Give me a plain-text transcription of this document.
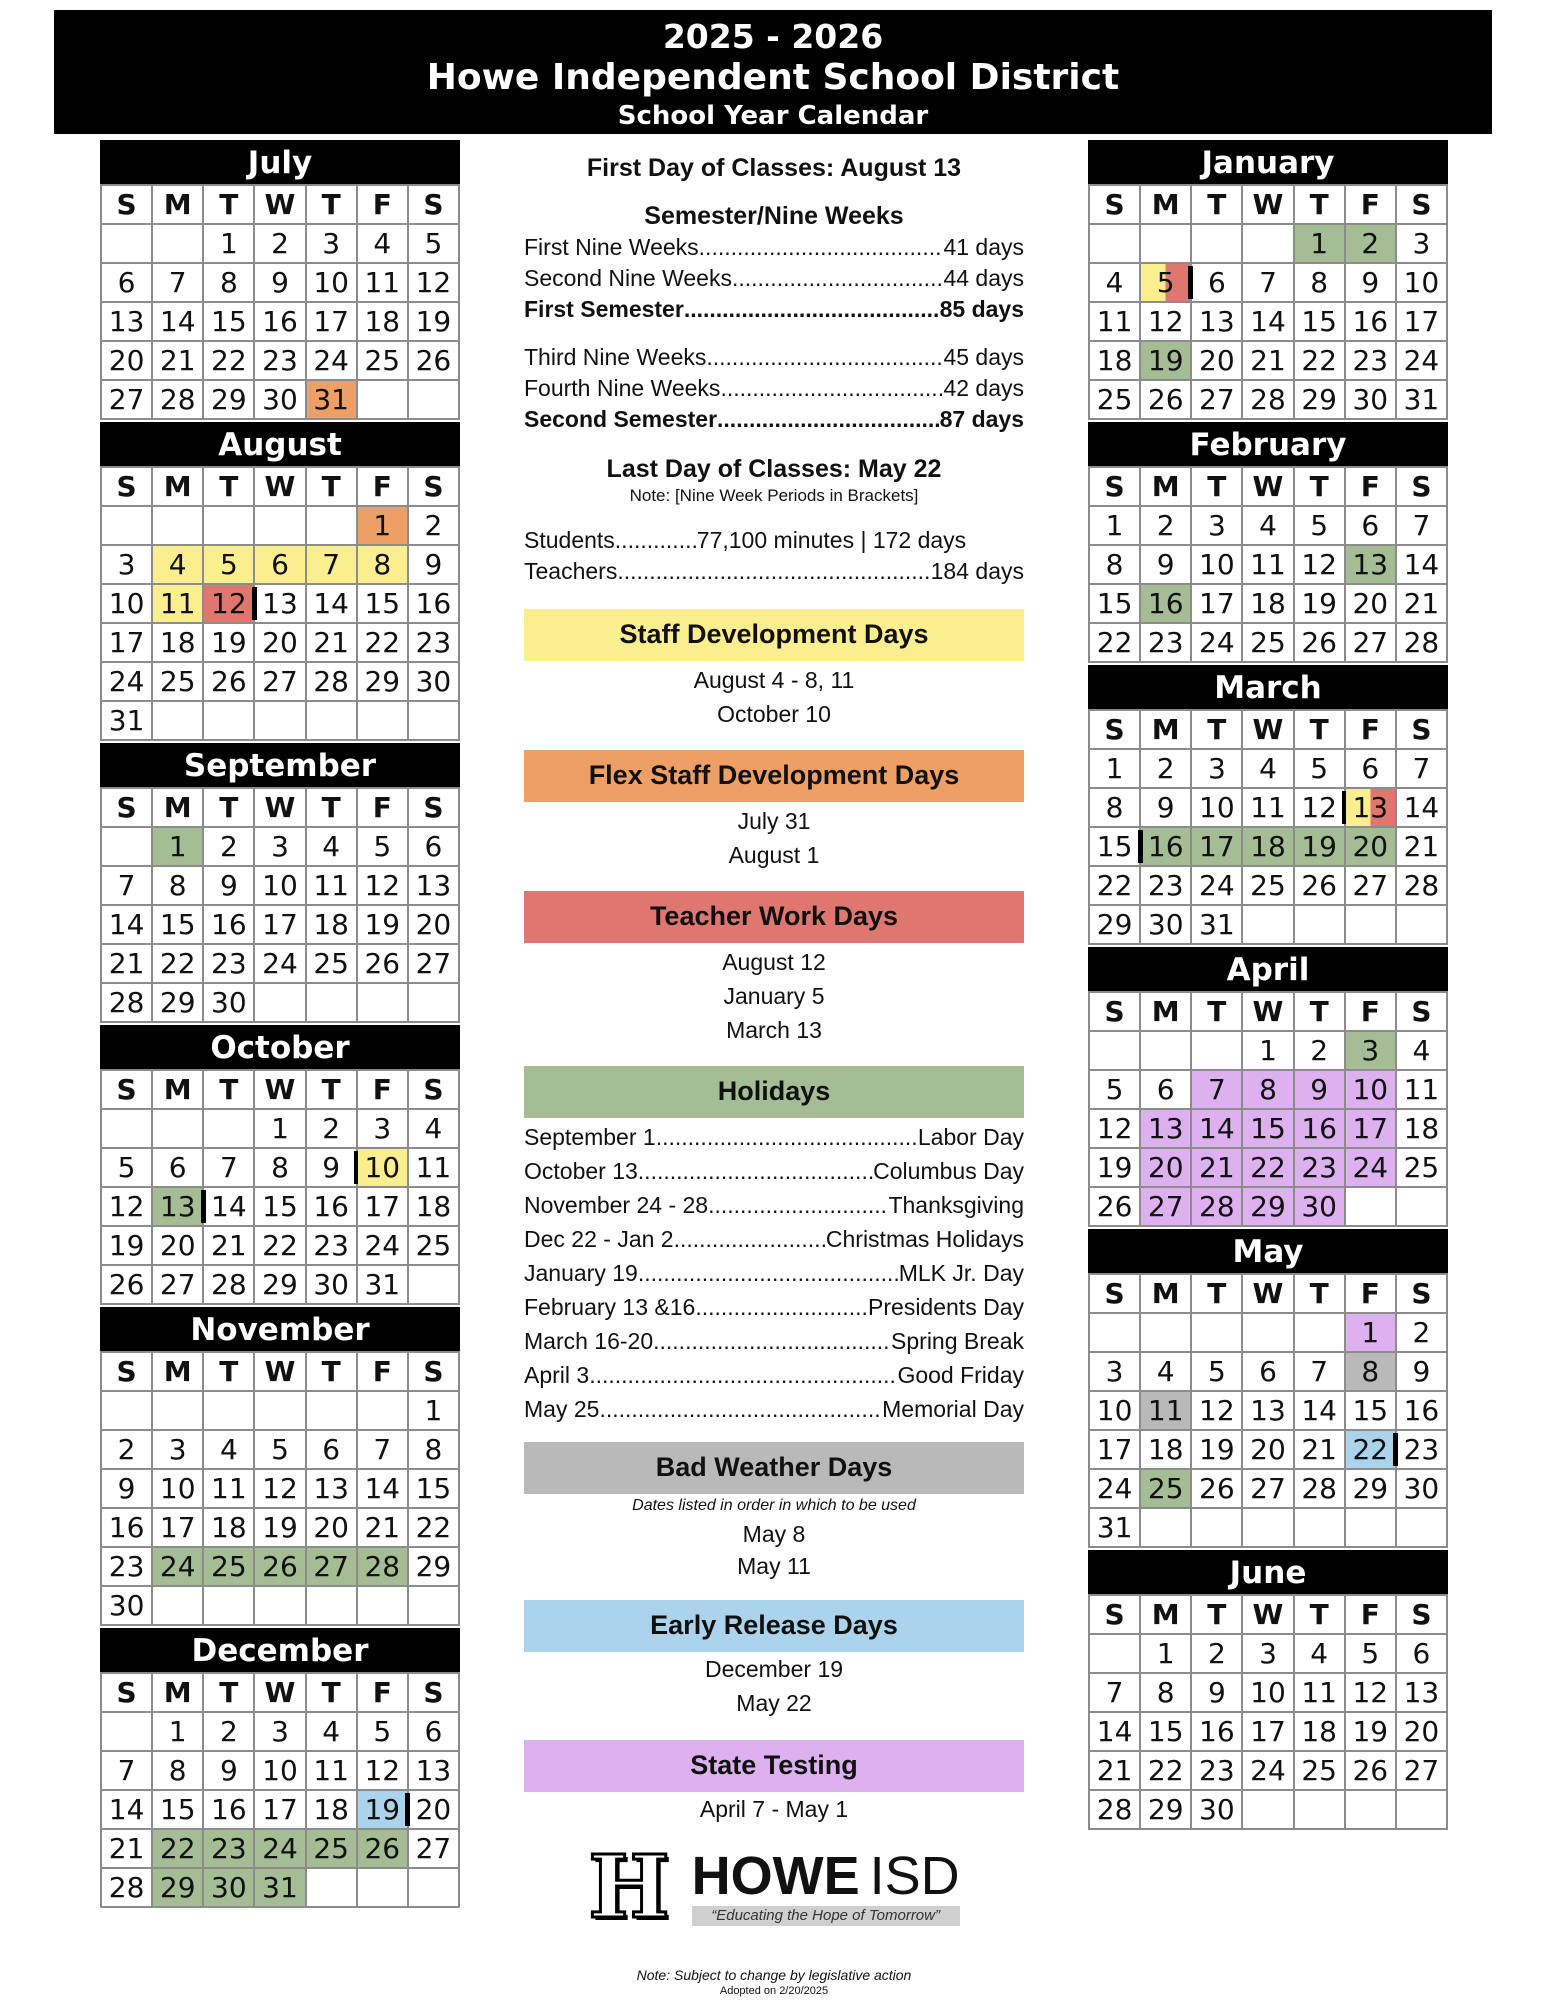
2025 - 2026
Howe Independent School District
School Year Calendar
July
S	M	T	W	T	F	S
		1	2	3	4	5
6	7	8	9	10	11	12
13	14	15	16	17	18	19
20	21	22	23	24	25	26
27	28	29	30	31		
August
S	M	T	W	T	F	S
					1	2
3	4	5	6	7	8	9
10	11	12	13	14	15	16
17	18	19	20	21	22	23
24	25	26	27	28	29	30
31						
September
S	M	T	W	T	F	S
	1	2	3	4	5	6
7	8	9	10	11	12	13
14	15	16	17	18	19	20
21	22	23	24	25	26	27
28	29	30				
October
S	M	T	W	T	F	S
			1	2	3	4
5	6	7	8	9	10	11
12	13	14	15	16	17	18
19	20	21	22	23	24	25
26	27	28	29	30	31	
November
S	M	T	W	T	F	S
						1
2	3	4	5	6	7	8
9	10	11	12	13	14	15
16	17	18	19	20	21	22
23	24	25	26	27	28	29
30						
December
S	M	T	W	T	F	S
	1	2	3	4	5	6
7	8	9	10	11	12	13
14	15	16	17	18	19	20
21	22	23	24	25	26	27
28	29	30	31			
January
S	M	T	W	T	F	S
				1	2	3
4	5	6	7	8	9	10
11	12	13	14	15	16	17
18	19	20	21	22	23	24
25	26	27	28	29	30	31
February
S	M	T	W	T	F	S
1	2	3	4	5	6	7
8	9	10	11	12	13	14
15	16	17	18	19	20	21
22	23	24	25	26	27	28
March
S	M	T	W	T	F	S
1	2	3	4	5	6	7
8	9	10	11	12	13	14
15	16	17	18	19	20	21
22	23	24	25	26	27	28
29	30	31				
April
S	M	T	W	T	F	S
			1	2	3	4
5	6	7	8	9	10	11
12	13	14	15	16	17	18
19	20	21	22	23	24	25
26	27	28	29	30		
May
S	M	T	W	T	F	S
					1	2
3	4	5	6	7	8	9
10	11	12	13	14	15	16
17	18	19	20	21	22	23
24	25	26	27	28	29	30
31						
June
S	M	T	W	T	F	S
	1	2	3	4	5	6
7	8	9	10	11	12	13
14	15	16	17	18	19	20
21	22	23	24	25	26	27
28	29	30				
First Day of Classes: August 13
Semester/Nine Weeks
First Nine Weeks .....	41 days
Second Nine Weeks .....	44 days
First Semester .....	85 days
Third Nine Weeks .....	45 days
Fourth Nine Weeks .....	42 days
Second Semester .....	87 days
Last Day of Classes: May 22
Note: [Nine Week Periods in Brackets]
Students .....	77,100 minutes | 172 days
Teachers .....	184 days
Staff Development Days
August 4 - 8, 11
October 10
Flex Staff Development Days
July 31
August 1
Teacher Work Days
August 12
January 5
March 13
Holidays
September 1 .....	Labor Day
October 13 .....	Columbus Day
November 24 - 28 .....	Thanksgiving
Dec 22 - Jan 2 .....	Christmas Holidays
January 19 .....	MLK Jr. Day
February 13 &16 .....	Presidents Day
March 16-20 .....	Spring Break
April 3 .....	Good Friday
May 25 .....	Memorial Day
Bad Weather Days
Dates listed in order in which to be used
May 8
May 11
Early Release Days
December 19
May 22
State Testing
April 7 - May 1
H HOWE ISD
“Educating the Hope of Tomorrow”
Note: Subject to change by legislative action
Adopted on 2/20/2025
